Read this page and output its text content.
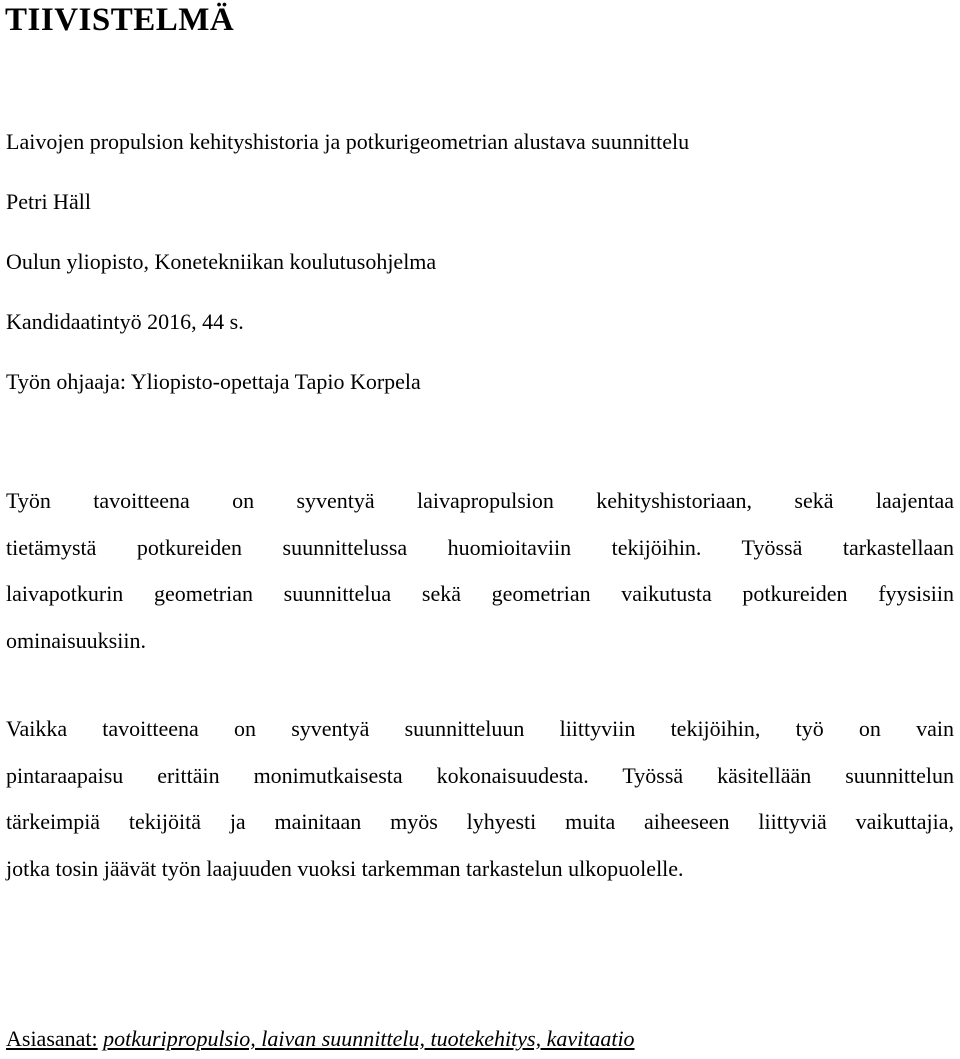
TIIVISTELMÄ

Laivojen propulsion kehityshistoria ja potkurigeometrian alustava suunnittelu

Petri Häll

Oulun yliopisto, Konetekniikan koulutusohjelma

Kandidaatintyö 2016, 44 s.

Työn ohjaaja: Yliopisto-opettaja Tapio Korpela

Työn tavoitteena on syventyä laivapropulsion kehityshistoriaan, sekä laajentaa
tietämystä potkureiden suunnittelussa huomioitaviin tekijöihin. Työssä tarkastellaan
laivapotkurin geometrian suunnittelua sekä geometrian vaikutusta potkureiden fyysisiin
ominaisuuksiin.
Vaikka tavoitteena on syventyä suunnitteluun liittyviin tekijöihin, työ on vain
pintaraapaisu erittäin monimutkaisesta kokonaisuudesta. Työssä käsitellään suunnittelun
tärkeimpiä tekijöitä ja mainitaan myös lyhyesti muita aiheeseen liittyviä vaikuttajia,
jotka tosin jäävät työn laajuuden vuoksi tarkemman tarkastelun ulkopuolelle.

Asiasanat: potkuripropulsio, laivan suunnittelu, tuotekehitys, kavitaatio
